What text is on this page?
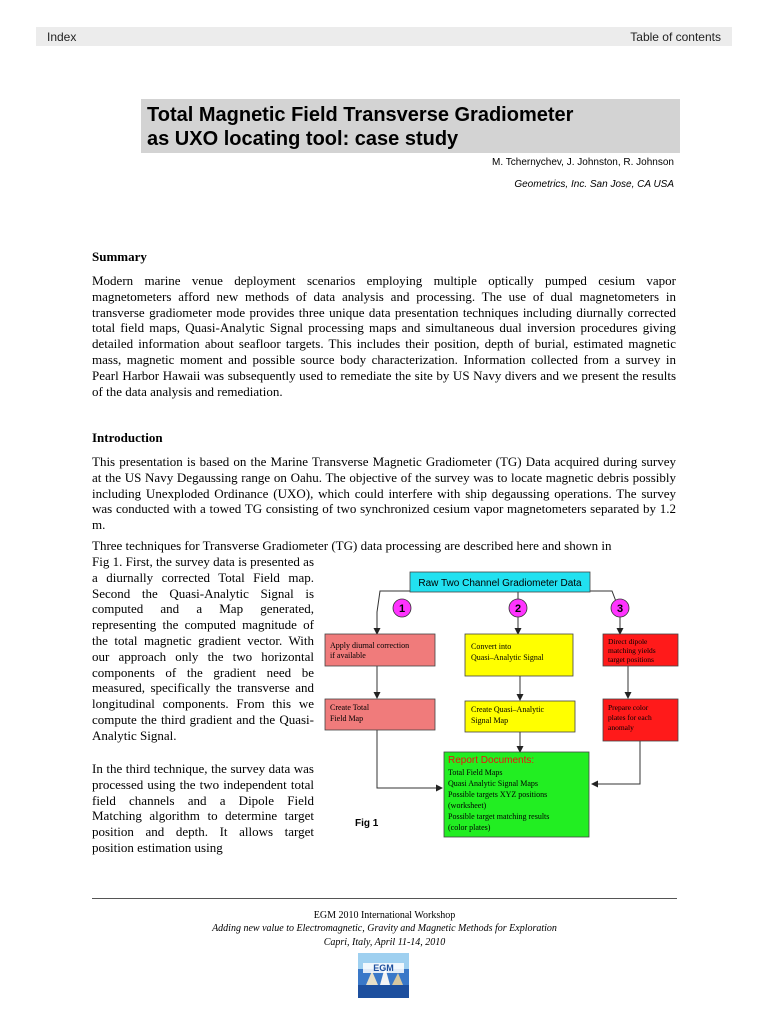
Index	Table of contents
Total Magnetic Field Transverse Gradiometer
as UXO locating tool: case study
M. Tchernychev, J. Johnston, R. Johnson
Geometrics, Inc. San Jose, CA USA
Summary

Modern marine venue deployment scenarios employing multiple optically pumped cesium vapor magnetometers afford new methods of data analysis and processing. The use of dual magnetometers in transverse gradiometer mode provides three unique data presentation techniques including diurnally corrected total field maps, Quasi-Analytic Signal processing maps and simultaneous dual inversion procedures giving detailed information about seafloor targets. This includes their position, depth of burial, estimated magnetic mass, magnetic moment and possible source body characterization. Information collected from a survey in Pearl Harbor Hawaii was subsequently used to remediate the site by US Navy divers and we present the results of the data analysis and remediation.

Introduction

This presentation is based on the Marine Transverse Magnetic Gradiometer (TG) Data acquired during survey at the US Navy Degaussing range on Oahu. The objective of the survey was to locate magnetic debris possibly including Unexploded Ordinance (UXO), which could interfere with ship degaussing operations. The survey was conducted with a towed TG consisting of two synchronized cesium vapor magnetometers separated by 1.2 m.

Three techniques for Transverse Gradiometer (TG) data processing are described here and shown in

Fig 1. First, the survey data is presented as a diurnally corrected Total Field map. Second the Quasi-Analytic Signal is computed and a Map generated, representing the computed magnitude of the total magnetic gradient vector. With our approach only the two horizontal components of the gradient need be measured, specifically the transverse and longitudinal components. From this we compute the third gradient and the Quasi-Analytic Signal.

In the third technique, the survey data was processed using the two independent total field channels and a Dipole Field Matching algorithm to determine target position and depth. It allows target position estimation using

Raw Two Channel Gradiometer Data
1	2	3
Apply diurnal correction
if available
Convert into
Quasi–Analytic Signal
Direct dipole
matching yields
target positions
Create Total
Field Map
Create Quasi–Analytic
Signal Map
Prepare color
plates for each
anomaly
Report Documents:
Total Field Maps
Quasi Analytic Signal Maps
Possible targets XYZ positions
(worksheet)
Possible target matching results
(color plates)
Fig 1
EGM 2010 International Workshop
Adding new value to Electromagnetic, Gravity and Magnetic Methods for Exploration
Capri, Italy, April 11-14, 2010
EGM
